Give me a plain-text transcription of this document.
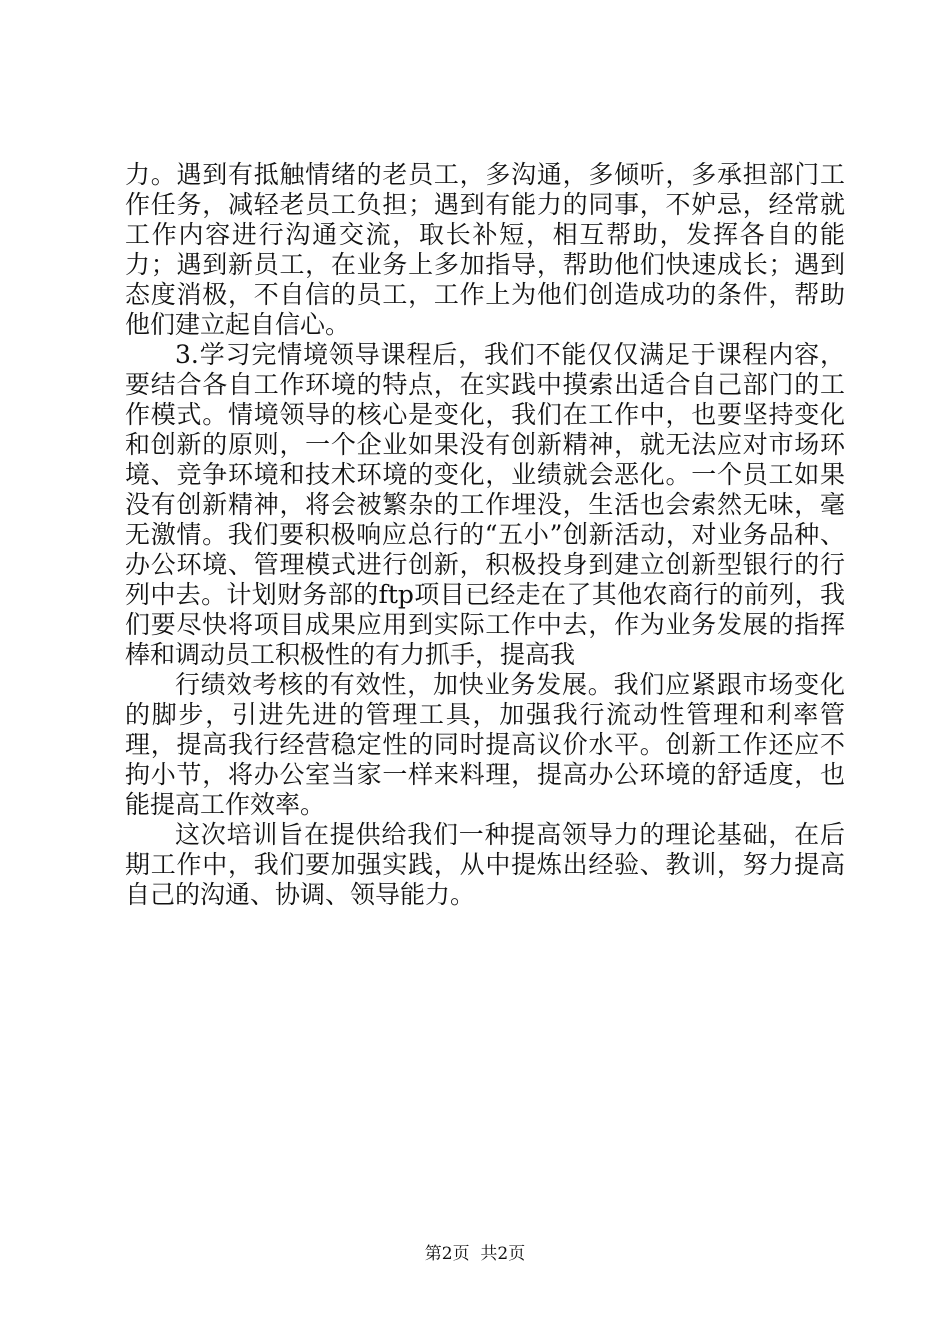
力。遇到有抵触情绪的老员工，多沟通，多倾听，多承担部门工作任务，减轻老员工负担；遇到有能力的同事，不妒忌，经常就工作内容进行沟通交流，取长补短，相互帮助，发挥各自的能力；遇到新员工，在业务上多加指导，帮助他们快速成长；遇到态度消极，不自信的员工，工作上为他们创造成功的条件，帮助他们建立起自信心。

3.学习完情境领导课程后，我们不能仅仅满足于课程内容，要结合各自工作环境的特点，在实践中摸索出适合自己部门的工作模式。情境领导的核心是变化，我们在工作中，也要坚持变化和创新的原则，一个企业如果没有创新精神，就无法应对市场环境、竞争环境和技术环境的变化，业绩就会恶化。一个员工如果没有创新精神，将会被繁杂的工作埋没，生活也会索然无味，毫无激情。我们要积极响应总行的“五小”创新活动，对业务品种、办公环境、管理模式进行创新，积极投身到建立创新型银行的行列中去。计划财务部的ftp项目已经走在了其他农商行的前列，我们要尽快将项目成果应用到实际工作中去，作为业务发展的指挥棒和调动员工积极性的有力抓手，提高我

行绩效考核的有效性，加快业务发展。我们应紧跟市场变化的脚步，引进先进的管理工具，加强我行流动性管理和利率管理，提高我行经营稳定性的同时提高议价水平。创新工作还应不拘小节，将办公室当家一样来料理，提高办公环境的舒适度，也能提高工作效率。

这次培训旨在提供给我们一种提高领导力的理论基础，在后期工作中，我们要加强实践，从中提炼出经验、教训，努力提高自己的沟通、协调、领导能力。

第2页  共2页
